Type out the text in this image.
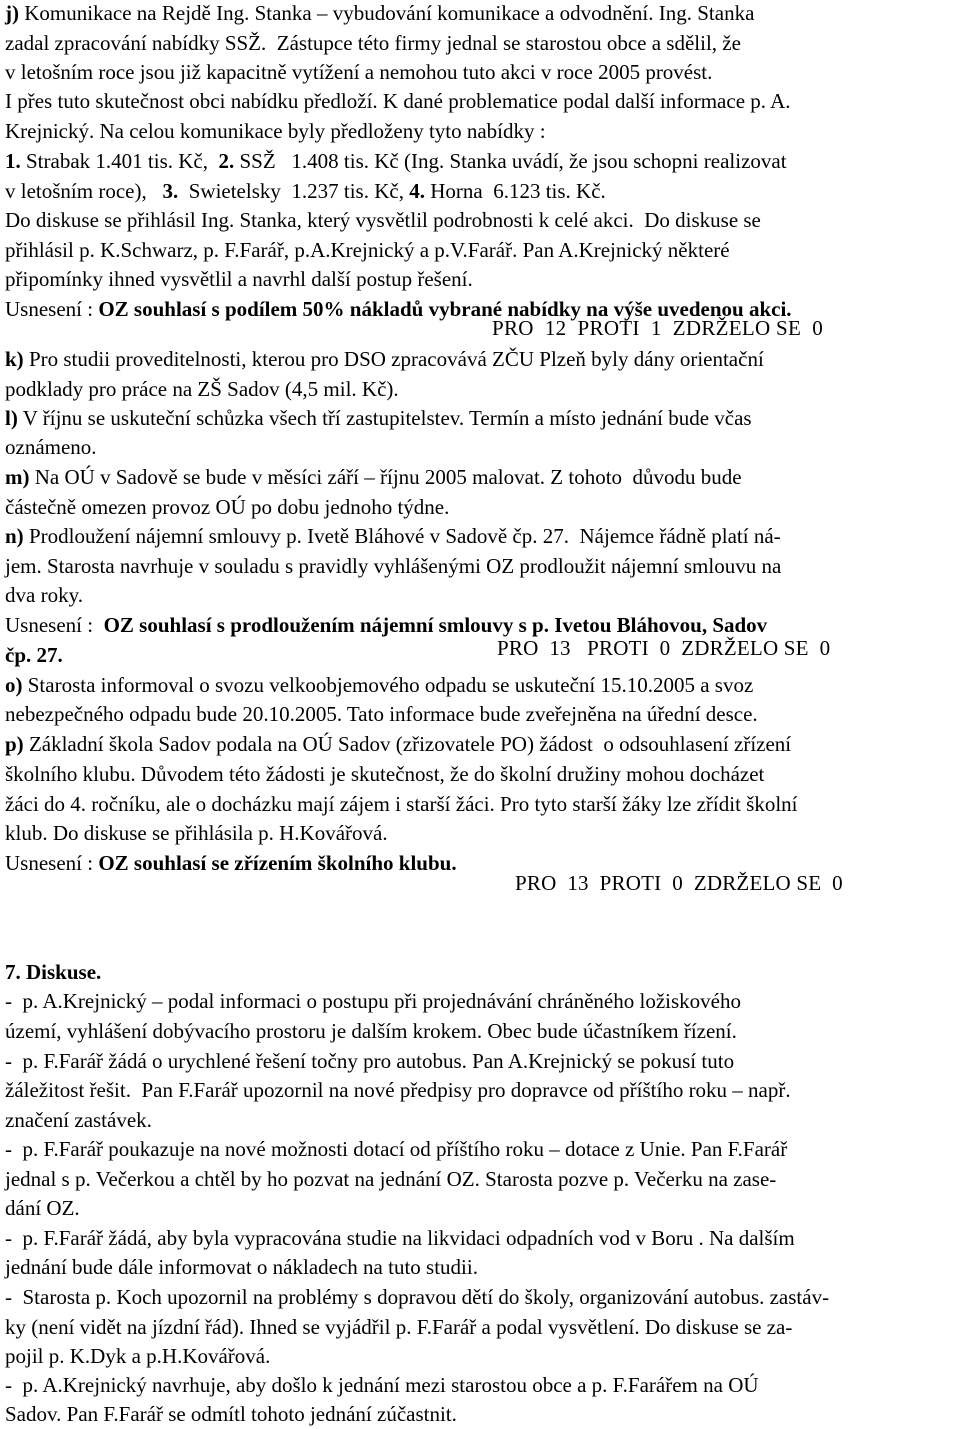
j) Komunikace na Rejdě Ing. Stanka – vybudování komunikace a odvodnění. Ing. Stanka
zadal zpracování nabídky SSŽ.  Zástupce této firmy jednal se starostou obce a sdělil, že
v letošním roce jsou již kapacitně vytížení a nemohou tuto akci v roce 2005 provést.
I přes tuto skutečnost obci nabídku předloží. K dané problematice podal další informace p. A.
Krejnický. Na celou komunikace byly předloženy tyto nabídky :
1. Strabak 1.401 tis. Kč,  2. SSŽ   1.408 tis. Kč (Ing. Stanka uvádí, že jsou schopni realizovat
v letošním roce),   3.  Swietelsky  1.237 tis. Kč, 4. Horna  6.123 tis. Kč.
Do diskuse se přihlásil Ing. Stanka, který vysvětlil podrobnosti k celé akci.  Do diskuse se
přihlásil p. K.Schwarz, p. F.Farář, p.A.Krejnický a p.V.Farář. Pan A.Krejnický některé
připomínky ihned vysvětlil a navrhl další postup řešení.
Usnesení : OZ souhlasí s podílem 50% nákladů vybrané nabídky na výše uvedenou akci.
k) Pro studii proveditelnosti, kterou pro DSO zpracovává ZČU Plzeň byly dány orientační
podklady pro práce na ZŠ Sadov (4,5 mil. Kč).
l) V říjnu se uskuteční schůzka všech tří zastupitelstev. Termín a místo jednání bude včas
oznámeno.
m) Na OÚ v Sadově se bude v měsíci září – říjnu 2005 malovat. Z tohoto  důvodu bude
částečně omezen provoz OÚ po dobu jednoho týdne.
n) Prodloužení nájemní smlouvy p. Ivetě Bláhové v Sadově čp. 27.  Nájemce řádně platí ná-
jem. Starosta navrhuje v souladu s pravidly vyhlášenými OZ prodloužit nájemní smlouvu na
dva roky.
Usnesení :  OZ souhlasí s prodloužením nájemní smlouvy s p. Ivetou Bláhovou, Sadov
čp. 27.
o) Starosta informoval o svozu velkoobjemového odpadu se uskuteční 15.10.2005 a svoz
nebezpečného odpadu bude 20.10.2005. Tato informace bude zveřejněna na úřední desce.
p) Základní škola Sadov podala na OÚ Sadov (zřizovatele PO) žádost  o odsouhlasení zřízení
školního klubu. Důvodem této žádosti je skutečnost, že do školní družiny mohou docházet
žáci do 4. ročníku, ale o docházku mají zájem i starší žáci. Pro tyto starší žáky lze zřídit školní
klub. Do diskuse se přihlásila p. H.Kovářová.
Usnesení : OZ souhlasí se zřízením školního klubu.
7. Diskuse.
-  p. A.Krejnický – podal informaci o postupu při projednávání chráněného ložiskového
území, vyhlášení dobývacího prostoru je dalším krokem. Obec bude účastníkem řízení.
-  p. F.Farář žádá o urychlené řešení točny pro autobus. Pan A.Krejnický se pokusí tuto
žáležitost řešit.  Pan F.Farář upozornil na nové předpisy pro dopravce od příštího roku – např.
značení zastávek.
-  p. F.Farář poukazuje na nové možnosti dotací od příštího roku – dotace z Unie. Pan F.Farář
jednal s p. Večerkou a chtěl by ho pozvat na jednání OZ. Starosta pozve p. Večerku na zase-
dání OZ.
-  p. F.Farář žádá, aby byla vypracována studie na likvidaci odpadních vod v Boru . Na dalším
jednání bude dále informovat o nákladech na tuto studii.
-  Starosta p. Koch upozornil na problémy s dopravou dětí do školy, organizování autobus. zastáv-
ky (není vidět na jízdní řád). Ihned se vyjádřil p. F.Farář a podal vysvětlení. Do diskuse se za-
pojil p. K.Dyk a p.H.Kovářová.
-  p. A.Krejnický navrhuje, aby došlo k jednání mezi starostou obce a p. F.Farářem na OÚ
Sadov. Pan F.Farář se odmítl tohoto jednání zúčastnit.
PRO  12  PROTI  1  ZDRŽELO SE  0
PRO  13   PROTI  0  ZDRŽELO SE  0
PRO  13  PROTI  0  ZDRŽELO SE  0
